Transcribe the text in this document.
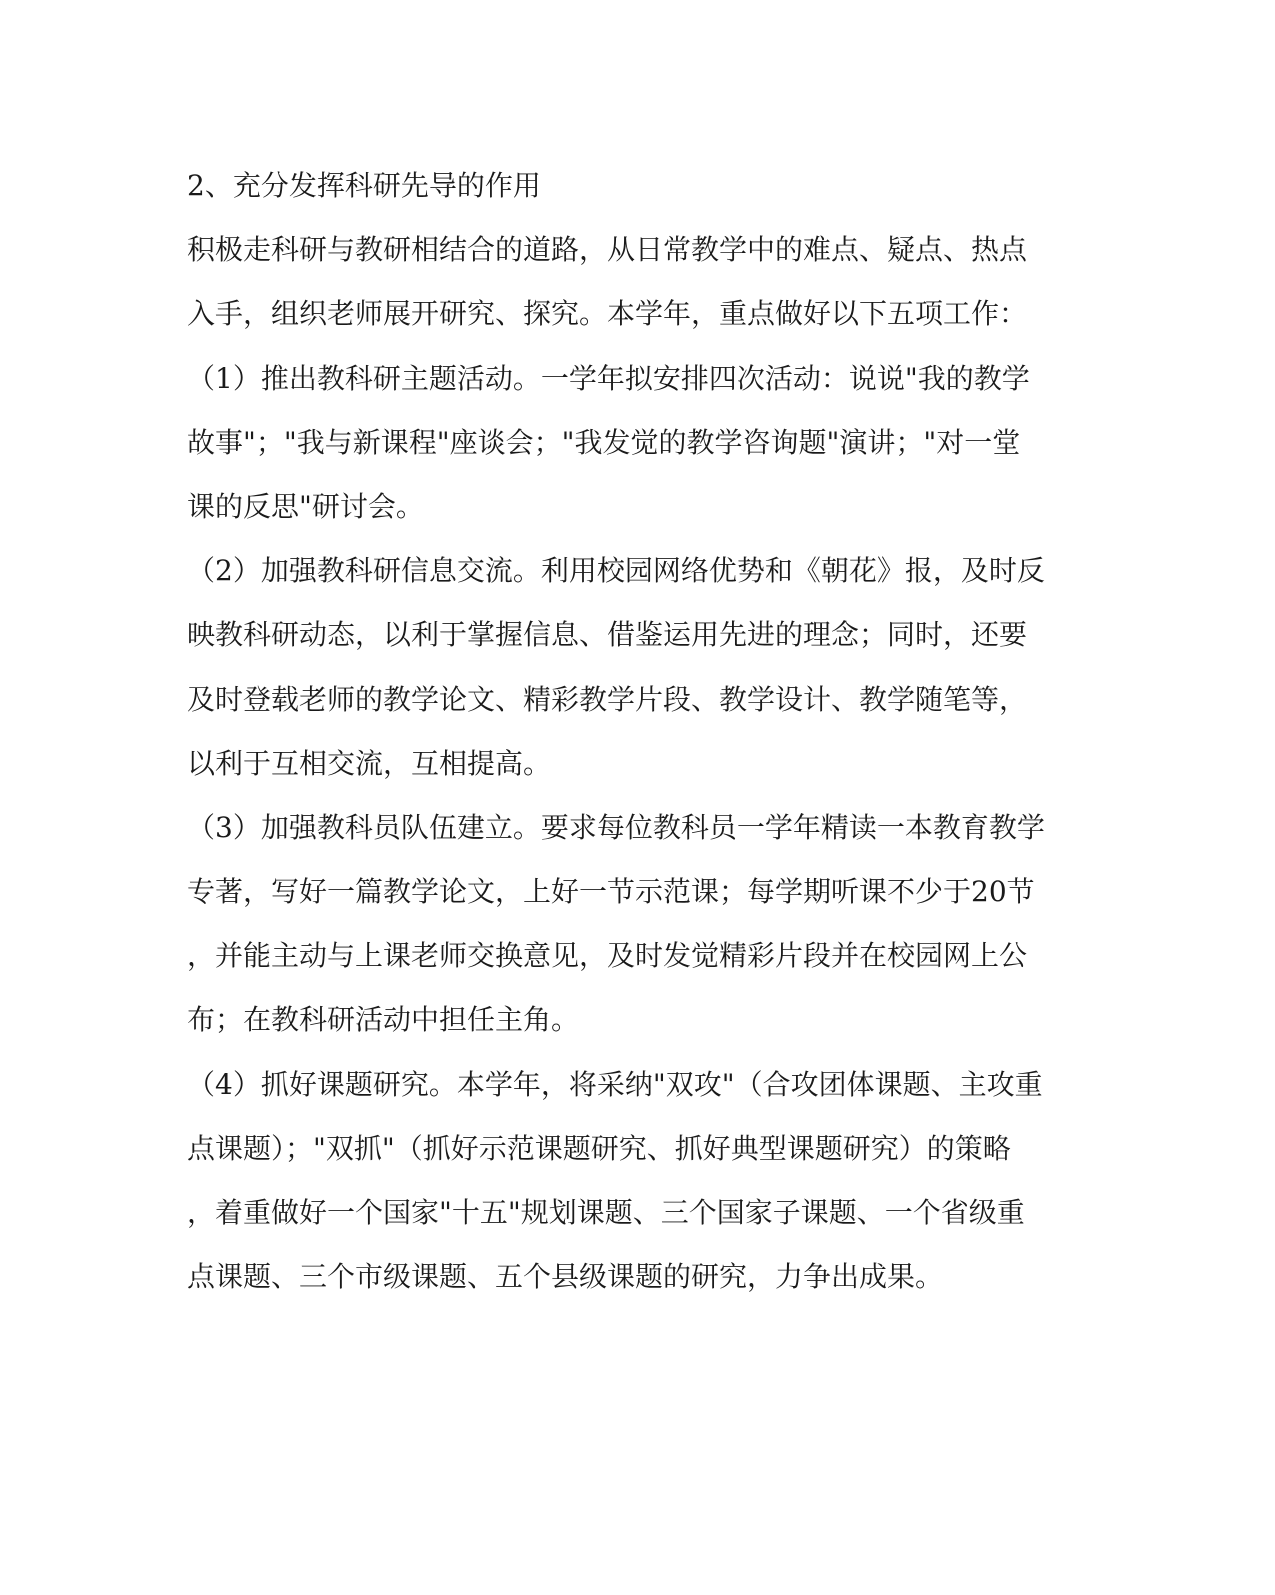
2、充分发挥科研先导的作用
积极走科研与教研相结合的道路，从日常教学中的难点、疑点、热点
入手，组织老师展开研究、探究。本学年，重点做好以下五项工作：
（1）推出教科研主题活动。一学年拟安排四次活动：说说"我的教学
故事"；"我与新课程"座谈会；"我发觉的教学咨询题"演讲；"对一堂
课的反思"研讨会。
（2）加强教科研信息交流。利用校园网络优势和《朝花》报，及时反
映教科研动态，以利于掌握信息、借鉴运用先进的理念；同时，还要
及时登载老师的教学论文、精彩教学片段、教学设计、教学随笔等，
以利于互相交流，互相提高。
（3）加强教科员队伍建立。要求每位教科员一学年精读一本教育教学
专著，写好一篇教学论文，上好一节示范课；每学期听课不少于20节
，并能主动与上课老师交换意见，及时发觉精彩片段并在校园网上公
布；在教科研活动中担任主角。
（4）抓好课题研究。本学年，将采纳"双攻"（合攻团体课题、主攻重
点课题）；"双抓"（抓好示范课题研究、抓好典型课题研究）的策略
，着重做好一个国家"十五"规划课题、三个国家子课题、一个省级重
点课题、三个市级课题、五个县级课题的研究，力争出成果。
